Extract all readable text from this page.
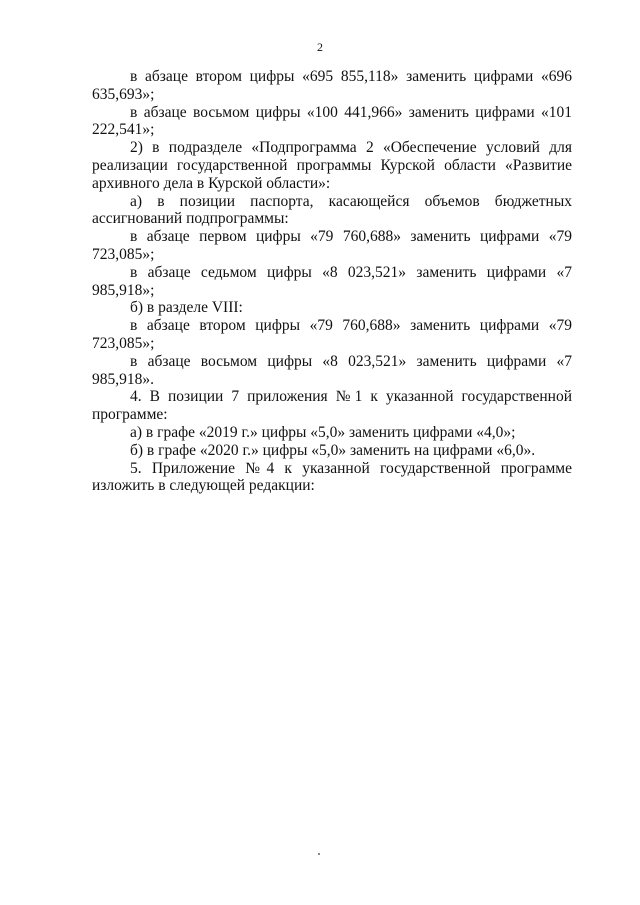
2

в абзаце втором цифры «695 855,118» заменить цифрами «696 635,693»;

в абзаце восьмом цифры «100 441,966» заменить цифрами «101 222,541»;

2) в подразделе «Подпрограмма 2 «Обеспечение условий для реализации государственной программы Курской области «Развитие архивного дела в Курской области»:

а) в позиции паспорта, касающейся объемов бюджетных ассигнований подпрограммы:

в абзаце первом цифры «79 760,688» заменить цифрами «79 723,085»;

в абзаце седьмом цифры «8 023,521» заменить цифрами «7 985,918»;

б) в разделе VIII:

в абзаце втором цифры «79 760,688» заменить цифрами «79 723,085»;

в абзаце восьмом цифры «8 023,521» заменить цифрами «7 985,918».

4. В позиции 7 приложения №1 к указанной государственной программе:

а) в графе «2019 г.» цифры «5,0» заменить цифрами «4,0»;

б) в графе «2020 г.» цифры «5,0» заменить на цифрами «6,0».

5. Приложение №4 к указанной государственной программе изложить в следующей редакции:
